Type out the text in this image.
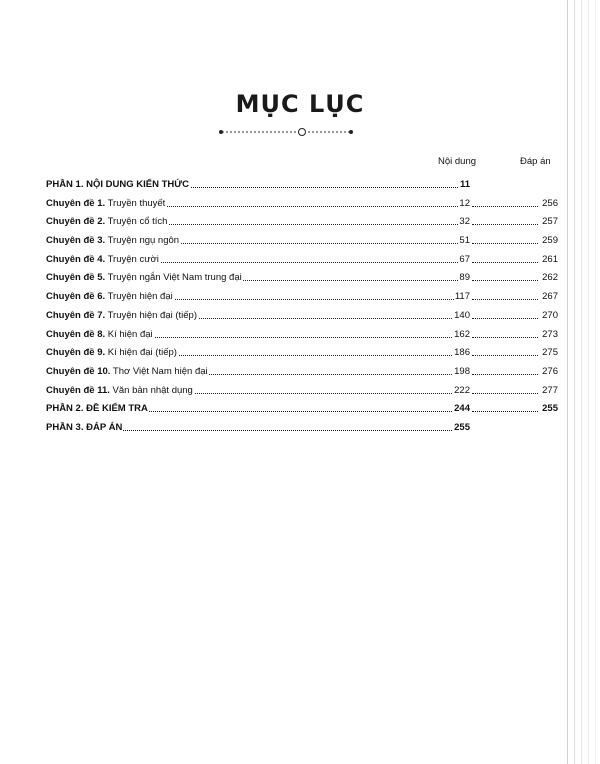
MỤC LỤC
Nội dung	Đáp án
PHẦN 1. NỘI DUNG KIẾN THỨC	11
Chuyên đề 1. Truyền thuyết	12	256
Chuyên đề 2. Truyện cổ tích	32	257
Chuyên đề 3. Truyện ngụ ngôn	51	259
Chuyên đề 4. Truyện cười	67	261
Chuyên đề 5. Truyện ngắn Việt Nam trung đại	89	262
Chuyên đề 6. Truyện hiện đại	117	267
Chuyên đề 7. Truyện hiện đại (tiếp)	140	270
Chuyên đề 8. Kí hiện đại	162	273
Chuyên đề 9. Kí hiện đại (tiếp)	186	275
Chuyên đề 10. Thơ Việt Nam hiện đại	198	276
Chuyên đề 11. Văn bản nhật dụng	222	277
PHẦN 2. ĐỀ KIỂM TRA	244	255
PHẦN 3. ĐÁP ÁN	255
